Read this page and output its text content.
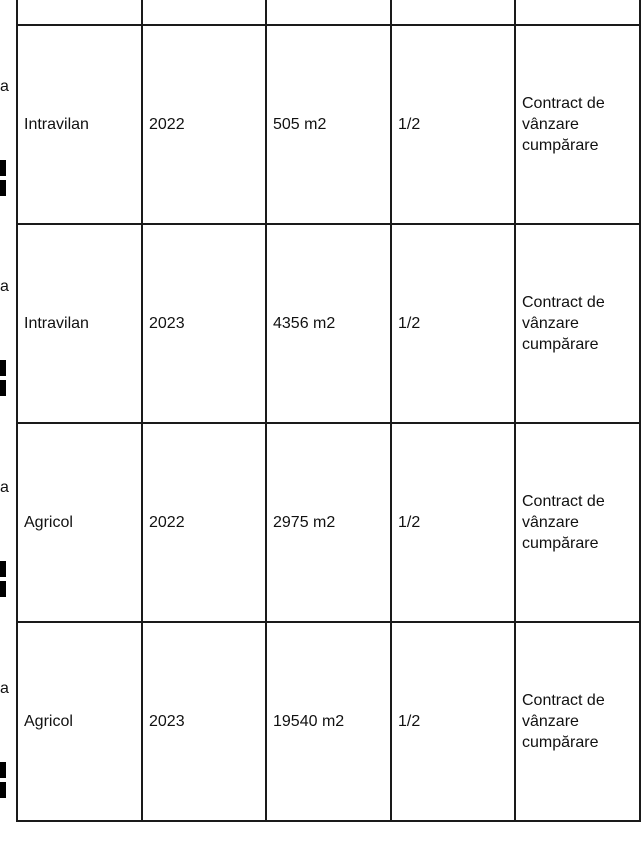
a
a
a
a

Intravilan	2022	505 m2	1/2	Contract de
vânzare
cumpărare

Intravilan	2023	4356 m2	1/2	Contract de
vânzare
cumpărare

Agricol	2022	2975 m2	1/2	Contract de
vânzare
cumpărare

Agricol	2023	19540 m2	1/2	Contract de
vânzare
cumpărare
